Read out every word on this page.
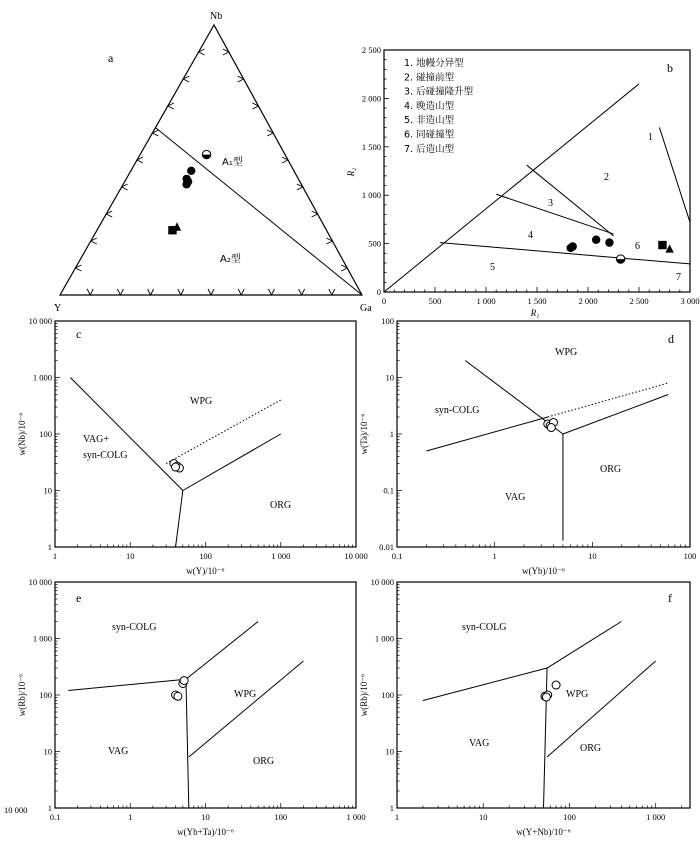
Nb
Y	Ga
A₁型
A₂型
a
0	500	1 000	1 500	2 000	2 500	3 000
0
500
1 000
1 500
2 000
2 500
R₁
R₂
1. 地幔分异型
2. 碰撞前型
3. 后碰撞隆升型
4. 晚造山型
5. 非造山型
6. 同碰撞型
7. 后造山型
1
2
3
4
5
6
7
b
1	10	100	1 000	10 000
1
10
100
1 000
10 000
w(Y)/10⁻⁶
w(Nb)/10⁻⁶
WPG
VAG+
syn-COLG
ORG
c
0.1	1	10	100
0.01
0.1
1
10
100
w(Yb)/10⁻⁶
w(Ta)/10⁻⁶
WPG
syn-COLG
ORG
VAG
d
0.1	1	10	100	1 000
1
10
100
1 000
10 000
w(Yb+Ta)/10⁻⁶
w(Rb)/10⁻⁶
syn-COLG
WPG
VAG
ORG
e
10 000
1	10	100	1 000
1
10
100
1 000
10 000
w(Y+Nb)/10⁻⁶
w(Rb)/10⁻⁶
syn-COLG
WPG
VAG	ORG
f
